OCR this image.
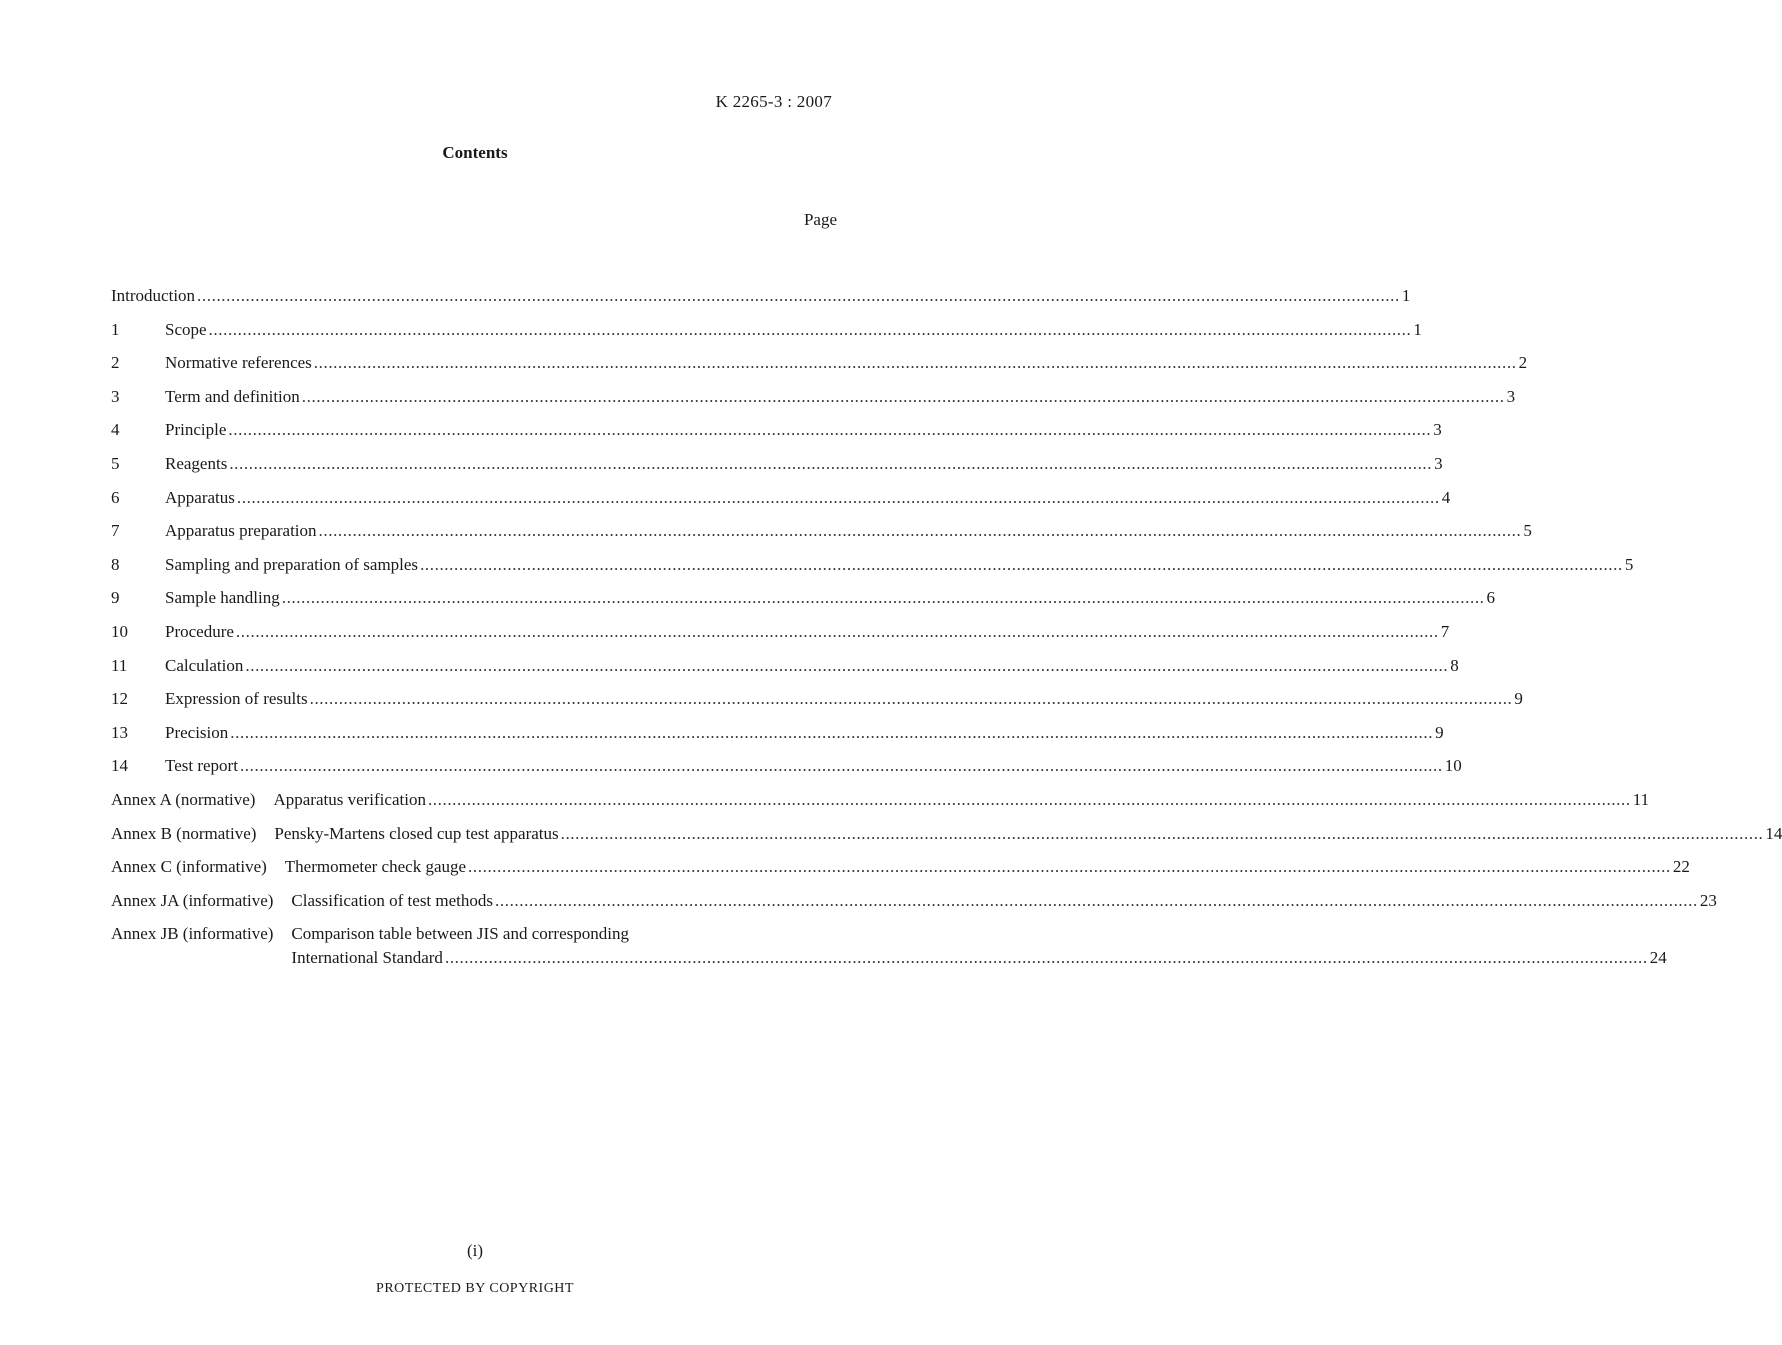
K 2265-3 : 2007
Contents
Page
Introduction .....	1
1	Scope .....	1
2	Normative references .....	2
3	Term and definition .....	3
4	Principle .....	3
5	Reagents .....	3
6	Apparatus .....	4
7	Apparatus preparation .....	5
8	Sampling and preparation of samples .....	5
9	Sample handling .....	6
10	Procedure .....	7
11	Calculation .....	8
12	Expression of results .....	9
13	Precision .....	9
14	Test report .....	10
Annex A (normative) Apparatus verification .....	11
Annex B (normative) Pensky-Martens closed cup test apparatus .....	14
Annex C (informative) Thermometer check gauge .....	22
Annex JA (informative) Classification of test methods .....	23
Annex JB (informative) Comparison table between JIS and corresponding
International Standard .....	24
(i)
PROTECTED BY COPYRIGHT
